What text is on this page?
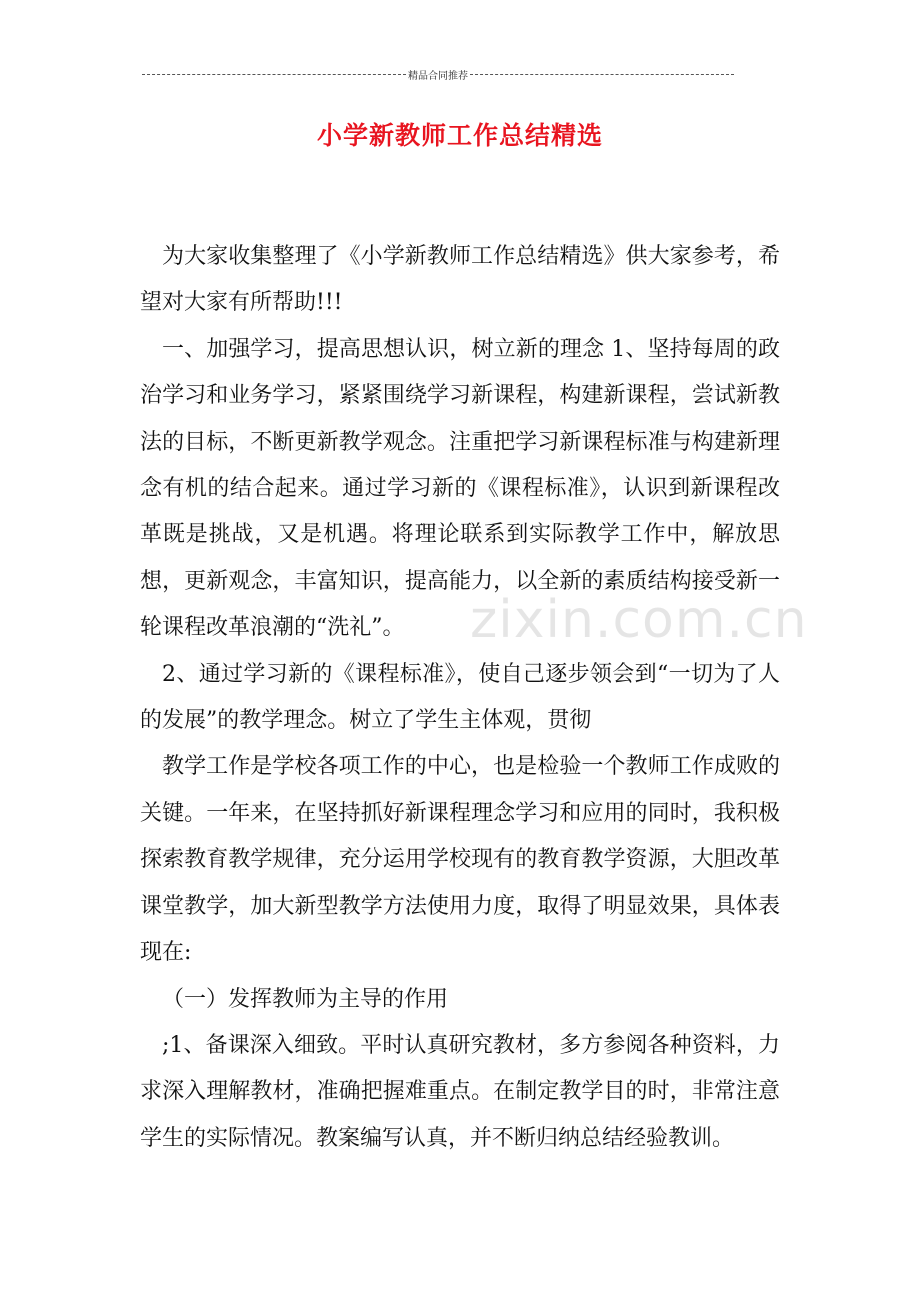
精品合同推荐
小学新教师工作总结精选

为大家收集整理了《小学新教师工作总结精选》供大家参考，希望对大家有所帮助!!!

一、加强学习，提高思想认识，树立新的理念 1、坚持每周的政治学习和业务学习，紧紧围绕学习新课程，构建新课程，尝试新教法的目标，不断更新教学观念。注重把学习新课程标准与构建新理念有机的结合起来。通过学习新的《课程标准》，认识到新课程改革既是挑战，又是机遇。将理论联系到实际教学工作中，解放思想，更新观念，丰富知识，提高能力，以全新的素质结构接受新一轮课程改革浪潮的“洗礼”。

2、通过学习新的《课程标准》，使自己逐步领会到“一切为了人的发展”的教学理念。树立了学生主体观，贯彻

教学工作是学校各项工作的中心，也是检验一个教师工作成败的关键。一年来，在坚持抓好新课程理念学习和应用的同时，我积极探索教育教学规律，充分运用学校现有的教育教学资源，大胆改革课堂教学，加大新型教学方法使用力度，取得了明显效果，具体表现在:

（一）发挥教师为主导的作用

;1、备课深入细致。平时认真研究教材，多方参阅各种资料，力求深入理解教材，准确把握难重点。在制定教学目的时，非常注意学生的实际情况。教案编写认真，并不断归纳总结经验教训。

zixin.com.cn
